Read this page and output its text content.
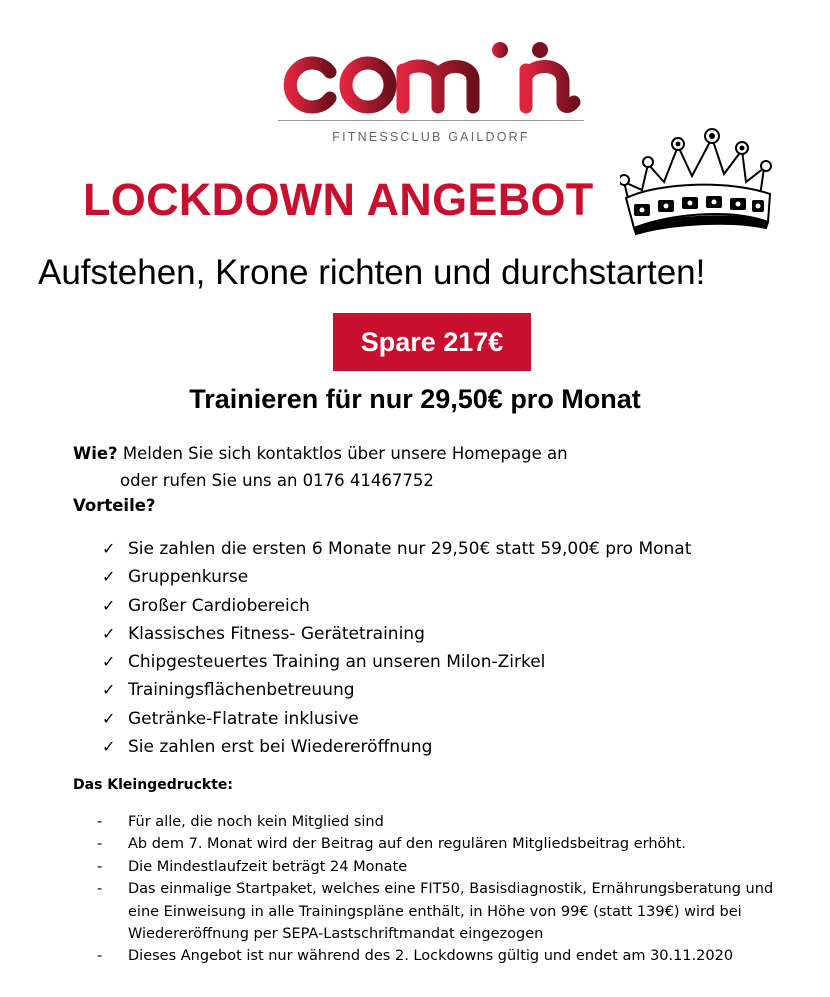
FITNESSCLUB GAILDORF
LOCKDOWN ANGEBOT
Aufstehen, Krone richten und durchstarten!
Spare 217€
Trainieren für nur 29,50€ pro Monat
Wie? Melden Sie sich kontaktlos über unsere Homepage an
oder rufen Sie uns an 0176 41467752
Vorteile?
✓ Sie zahlen die ersten 6 Monate nur 29,50€ statt 59,00€ pro Monat
✓ Gruppenkurse
✓ Großer Cardiobereich
✓ Klassisches Fitness- Gerätetraining
✓ Chipgesteuertes Training an unseren Milon-Zirkel
✓ Trainingsflächenbetreuung
✓ Getränke-Flatrate inklusive
✓ Sie zahlen erst bei Wiedereröffnung
Das Kleingedruckte:
- Für alle, die noch kein Mitglied sind
- Ab dem 7. Monat wird der Beitrag auf den regulären Mitgliedsbeitrag erhöht.
- Die Mindestlaufzeit beträgt 24 Monate
- Das einmalige Startpaket, welches eine FIT50, Basisdiagnostik, Ernährungsberatung und eine Einweisung in alle Trainingspläne enthält, in Höhe von 99€ (statt 139€) wird bei Wiedereröffnung per SEPA-Lastschriftmandat eingezogen
- Dieses Angebot ist nur während des 2. Lockdowns gültig und endet am 30.11.2020
